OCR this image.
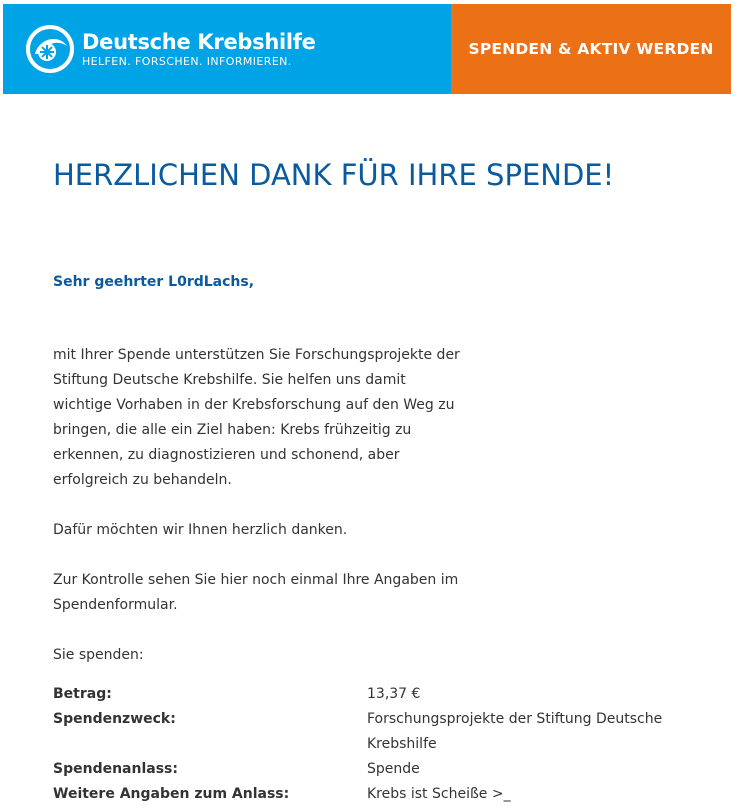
Deutsche Krebshilfe
HELFEN. FORSCHEN. INFORMIEREN.
SPENDEN & AKTIV WERDEN
HERZLICHEN DANK FÜR IHRE SPENDE!

Sehr geehrter L0rdLachs,

mit Ihrer Spende unterstützen Sie Forschungsprojekte der Stiftung Deutsche Krebshilfe. Sie helfen uns damit wichtige Vorhaben in der Krebsforschung auf den Weg zu bringen, die alle ein Ziel haben: Krebs frühzeitig zu erkennen, zu diagnostizieren und schonend, aber erfolgreich zu behandeln.

Dafür möchten wir Ihnen herzlich danken.

Zur Kontrolle sehen Sie hier noch einmal Ihre Angaben im Spendenformular.

Sie spenden:

Betrag:	13,37 €
Spendenzweck:	Forschungsprojekte der Stiftung Deutsche Krebshilfe
Spendenanlass:	Spende
Weitere Angaben zum Anlass:	Krebs ist Scheiße >_
